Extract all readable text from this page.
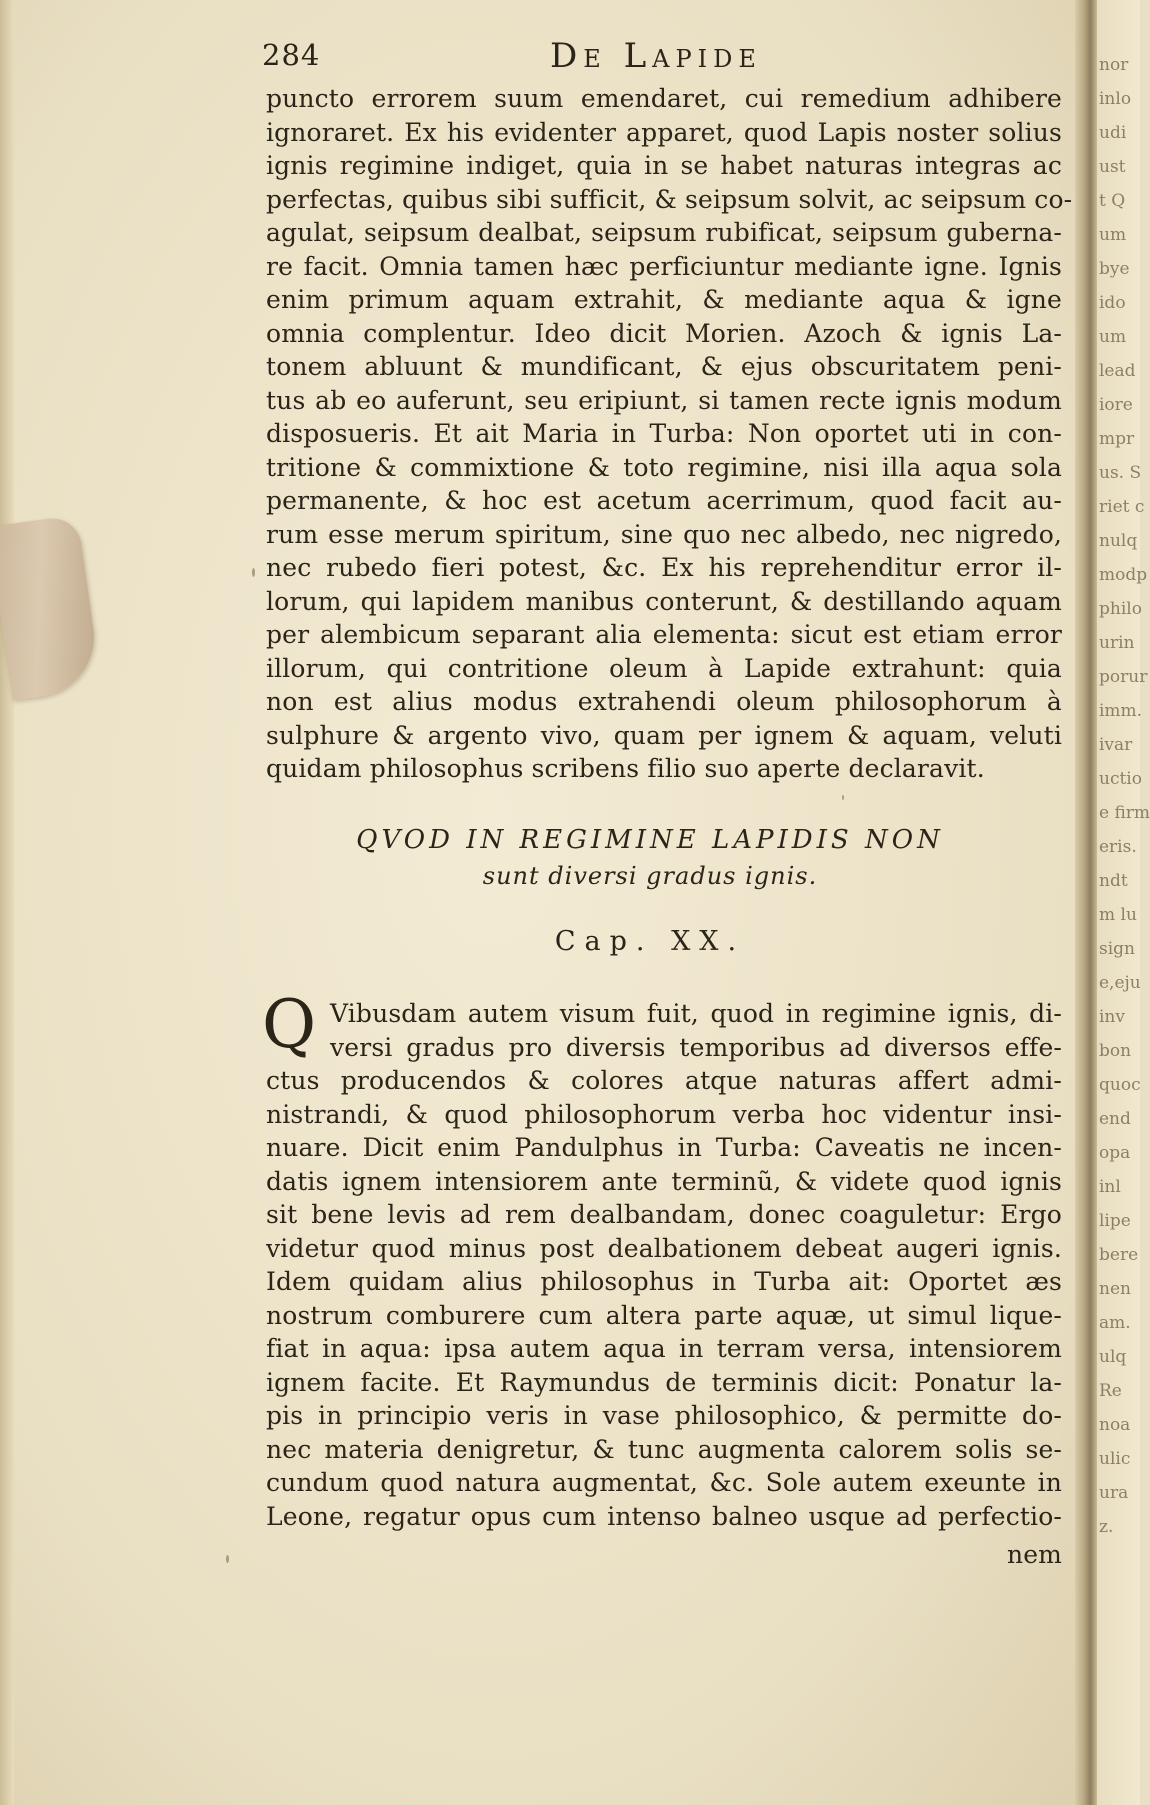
nor
inlo
udi
ust
t Q
um
bye
ido
um
lead
iore
mpr
us. S
riet c
nulq
modp
philo
urin
porur
imm.
ivar
uctio
e firm
eris.
ndt
m lu
sign
e,eju
inv
bon
quoc
end
opa
inl
lipe
bere
nen
am.
ulq
Re
noa
ulic
ura
z.
284	De Lapide
puncto errorem suum emendaret, cui remedium adhibere
ignoraret. Ex his evidenter apparet, quod Lapis noster solius
ignis regimine indiget, quia in se habet naturas integras ac
perfectas, quibus sibi sufficit, & seipsum solvit, ac seipsum co-
agulat, seipsum dealbat, seipsum rubificat, seipsum guberna-
re facit. Omnia tamen hæc perficiuntur mediante igne. Ignis
enim primum aquam extrahit, & mediante aqua & igne
omnia complentur. Ideo dicit Morien. Azoch & ignis La-
tonem abluunt & mundificant, & ejus obscuritatem peni-
tus ab eo auferunt, seu eripiunt, si tamen recte ignis modum
disposueris. Et ait Maria in Turba: Non oportet uti in con-
tritione & commixtione & toto regimine, nisi illa aqua sola
permanente, & hoc est acetum acerrimum, quod facit au-
rum esse merum spiritum, sine quo nec albedo, nec nigredo,
nec rubedo fieri potest, &c. Ex his reprehenditur error il-
lorum, qui lapidem manibus conterunt, & destillando aquam
per alembicum separant alia elementa: sicut est etiam error
illorum, qui contritione oleum à Lapide extrahunt: quia
non est alius modus extrahendi oleum philosophorum à
sulphure & argento vivo, quam per ignem & aquam, veluti
quidam philosophus scribens filio suo aperte declaravit.
QVOD IN REGIMINE LAPIDIS NON
sunt diversi gradus ignis.
Cap. XX.
Q Vibusdam autem visum fuit, quod in regimine ignis, di-
versi gradus pro diversis temporibus ad diversos effe-
ctus producendos & colores atque naturas affert admi-
nistrandi, & quod philosophorum verba hoc videntur insi-
nuare. Dicit enim Pandulphus in Turba: Caveatis ne incen-
datis ignem intensiorem ante terminũ, & videte quod ignis
sit bene levis ad rem dealbandam, donec coaguletur: Ergo
videtur quod minus post dealbationem debeat augeri ignis.
Idem quidam alius philosophus in Turba ait: Oportet æs
nostrum comburere cum altera parte aquæ, ut simul lique-
fiat in aqua: ipsa autem aqua in terram versa, intensiorem
ignem facite. Et Raymundus de terminis dicit: Ponatur la-
pis in principio veris in vase philosophico, & permitte do-
nec materia denigretur, & tunc augmenta calorem solis se-
cundum quod natura augmentat, &c. Sole autem exeunte in
Leone, regatur opus cum intenso balneo usque ad perfectio-
nem
